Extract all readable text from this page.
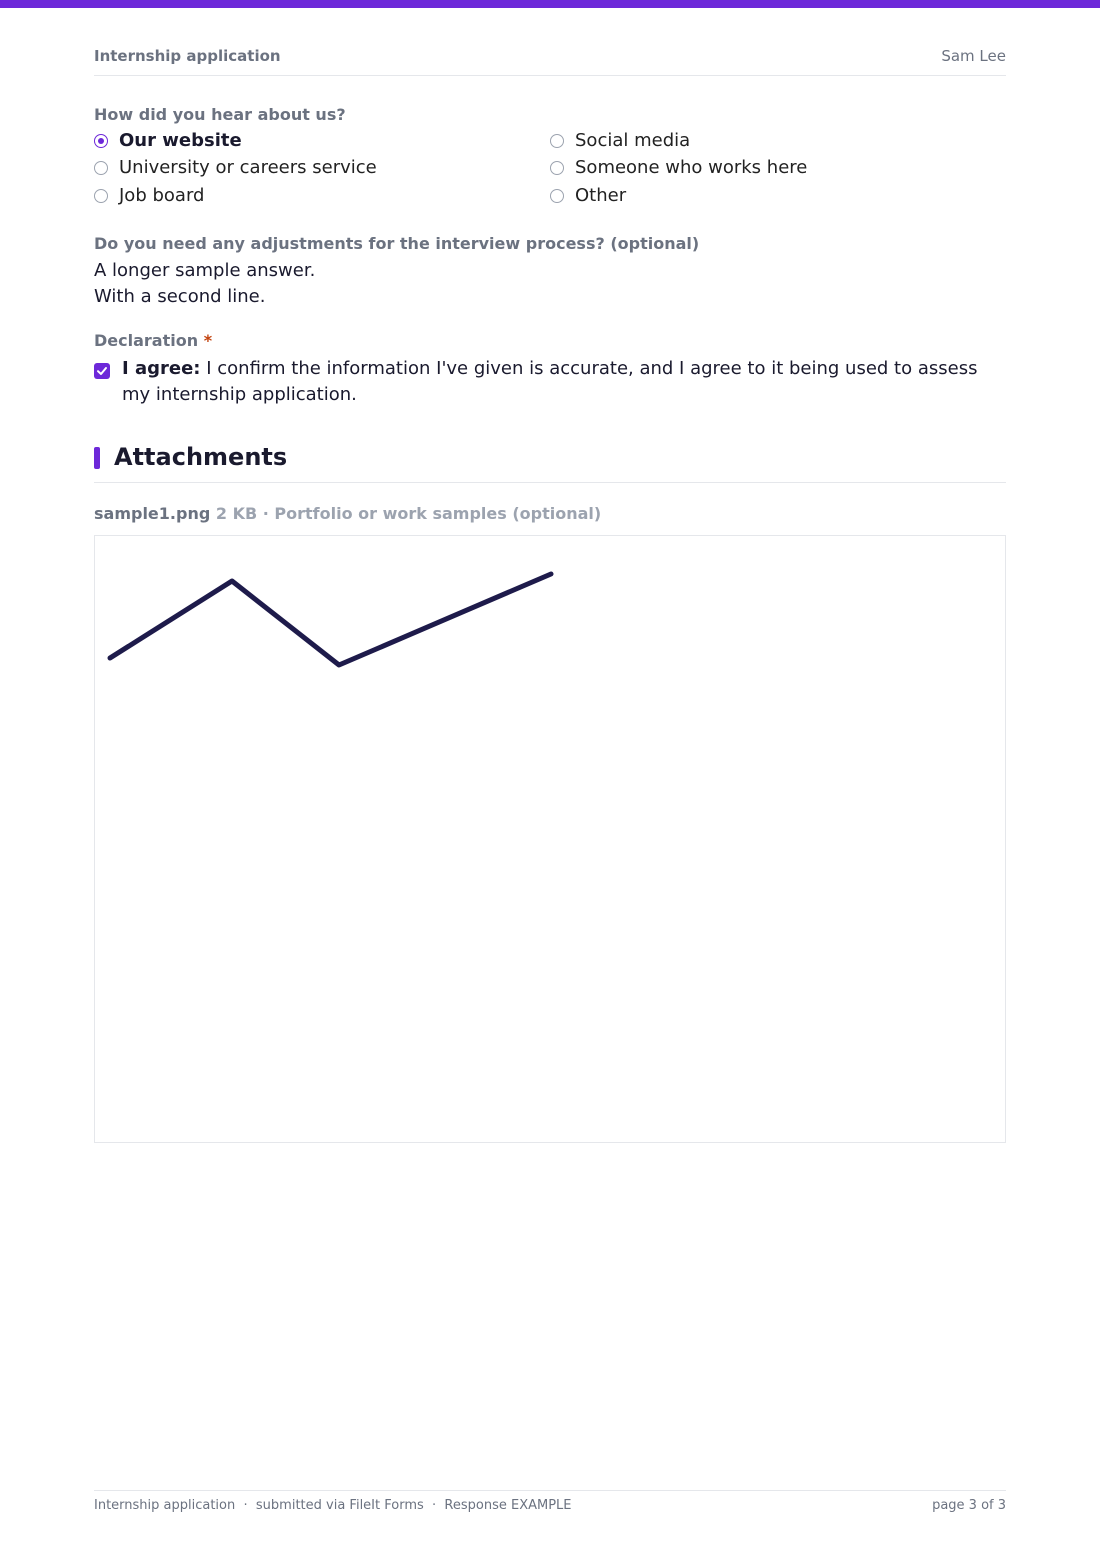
Internship application	Sam Lee
How did you hear about us?
Our website	Social media
University or careers service	Someone who works here
Job board	Other
Do you need any adjustments for the interview process? (optional)
A longer sample answer.
With a second line.
Declaration *
I agree: I confirm the information I've given is accurate, and I agree to it being used to assess my internship application.
Attachments
sample1.png 2 KB · Portfolio or work samples (optional)
Internship application  ·  submitted via FileIt Forms  ·  Response EXAMPLE	page 3 of 3
